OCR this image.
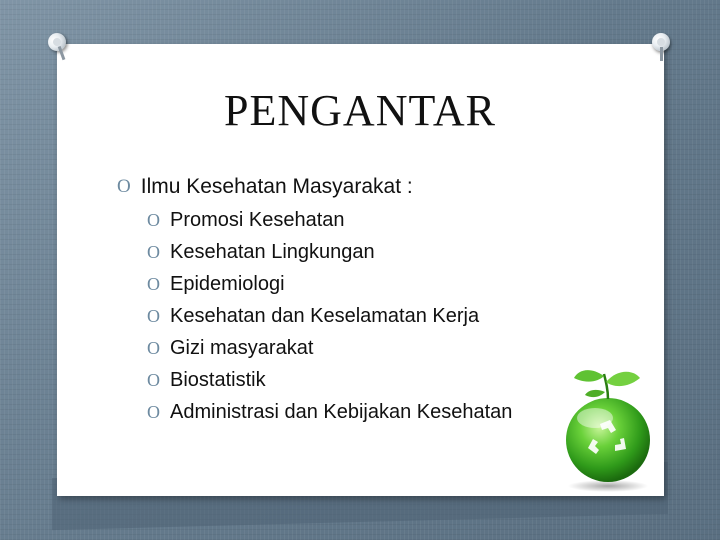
PENGANTAR
O Ilmu Kesehatan Masyarakat :
O Promosi Kesehatan
O Kesehatan Lingkungan
O Epidemiologi
O Kesehatan dan Keselamatan Kerja
O Gizi masyarakat
O Biostatistik
O Administrasi dan Kebijakan Kesehatan
